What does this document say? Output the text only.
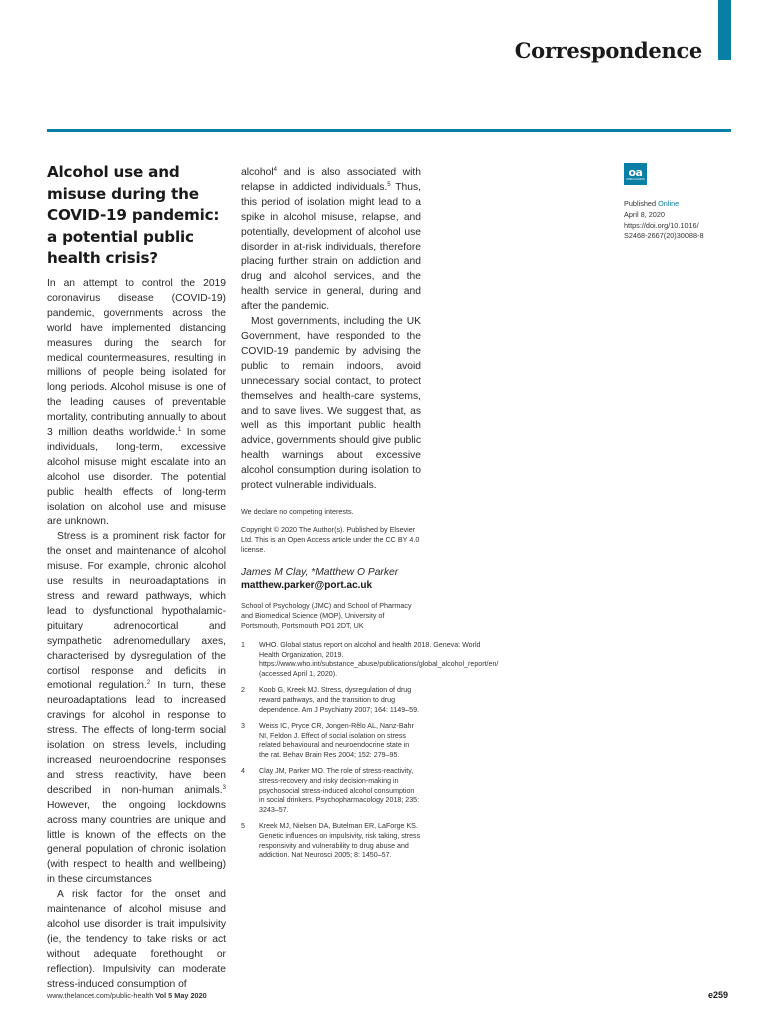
Correspondence
Alcohol use and misuse during the COVID-19 pandemic: a potential public health crisis?

In an attempt to control the 2019 coronavirus disease (COVID-19) pandemic, governments across the world have implemented distancing measures during the search for medical countermeasures, resulting in millions of people being isolated for long periods. Alcohol misuse is one of the leading causes of preventable mortality, contributing annually to about 3 million deaths worldwide.$^1$ In some individuals, long-term, excessive alcohol misuse might escalate into an alcohol use disorder. The potential public health effects of long-term isolation on alcohol use and misuse are unknown.

Stress is a prominent risk factor for the onset and maintenance of alcohol misuse. For example, chronic alcohol use results in neuroadaptations in stress and reward pathways, which lead to dysfunctional hypothalamic-pituitary adrenocortical and sympathetic adrenomedullary axes, characterised by dysregulation of the cortisol response and deficits in emotional regulation.$^2$ In turn, these neuroadaptations lead to increased cravings for alcohol in response to stress. The effects of long-term social isolation on stress levels, including increased neuroendocrine responses and stress reactivity, have been described in non-human animals.$^3$ However, the ongoing lockdowns across many countries are unique and little is known of the effects on the general population of chronic isolation (with respect to health and wellbeing) in these circumstances

A risk factor for the onset and maintenance of alcohol misuse and alcohol use disorder is trait impulsivity (ie, the tendency to take risks or act without adequate forethought or reflection). Impulsivity can moderate stress-induced consumption of

alcohol$^4$ and is also associated with relapse in addicted individuals.$^5$ Thus, this period of isolation might lead to a spike in alcohol misuse, relapse, and potentially, development of alcohol use disorder in at-risk individuals, therefore placing further strain on addiction and drug and alcohol services, and the health service in general, during and after the pandemic.

Most governments, including the UK Government, have responded to the COVID-19 pandemic by advising the public to remain indoors, avoid unnecessary social contact, to protect themselves and health-care systems, and to save lives. We suggest that, as well as this important public health advice, governments should give public health warnings about excessive alcohol consumption during isolation to protect vulnerable individuals.

We declare no competing interests.

Copyright © 2020 The Author(s). Published by Elsevier Ltd. This is an Open Access article under the CC BY 4.0 license.

James M Clay, *Matthew O Parker

matthew.parker@port.ac.uk

School of Psychology (JMC) and School of Pharmacy and Biomedical Science (MOP), University of Portsmouth, Portsmouth PO1 2DT, UK

1	WHO. Global status report on alcohol and health 2018. Geneva: World Health Organization, 2019. https://www.who.int/substance_abuse/publications/global_alcohol_report/en/ (accessed April 1, 2020).
2	Koob G, Kreek MJ. Stress, dysregulation of drug reward pathways, and the transition to drug dependence. Am J Psychiatry 2007; 164: 1149–59.
3	Weiss IC, Pryce CR, Jongen-Rêlo AL, Nanz-Bahr NI, Feldon J. Effect of social isolation on stress related behavioural and neuroendocrine state in the rat. Behav Brain Res 2004; 152: 279–95.
4	Clay JM, Parker MO. The role of stress-reactivity, stress-recovery and risky decision-making in psychosocial stress-induced alcohol consumption in social drinkers. Psychopharmacology 2018; 235: 3243–57.
5	Kreek MJ, Nielsen DA, Butelman ER, LaForge KS. Genetic influences on impulsivity, risk taking, stress responsivity and vulnerability to drug abuse and addiction. Nat Neurosci 2005; 8: 1450–57.
oa
OPEN ACCESS

Published Online

April 8, 2020

https://doi.org/10.1016/

S2468-2667(20)30088-8

www.thelancet.com/public-health Vol 5 May 2020	e259
